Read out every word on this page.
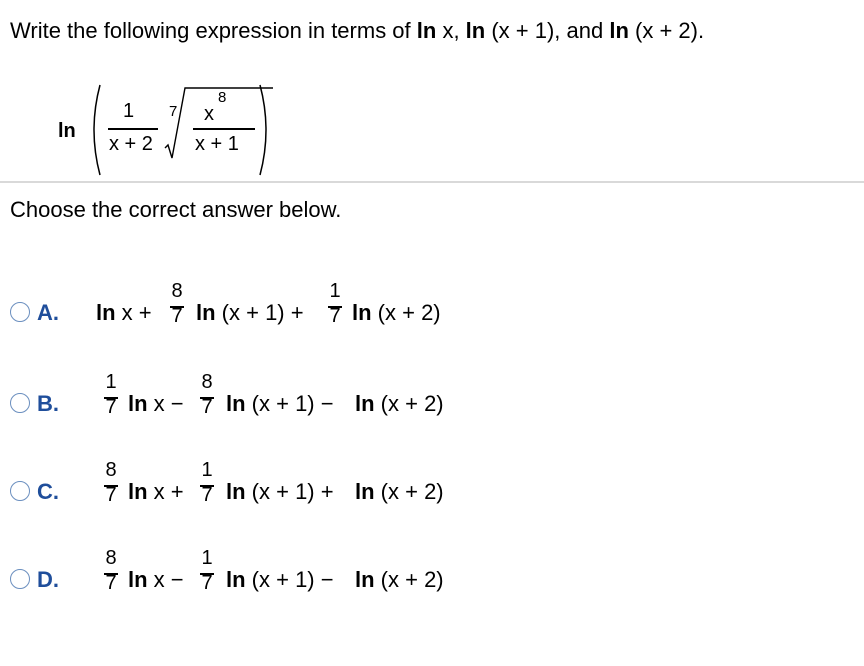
Write the following expression in terms of ln x, ln (x + 1), and ln (x + 2).
ln
1
x + 2
7 x
8
x + 1
Choose the correct answer below.
A. ln x +
8
7 ln (x + 1) +
1
7 ln (x + 2)
B.
1
7 ln x −
8
7 ln (x + 1) − ln (x + 2)
C.
8
7 ln x +
1
7 ln (x + 1) + ln (x + 2)
D.
8
7 ln x −
1
7 ln (x + 1) − ln (x + 2)
